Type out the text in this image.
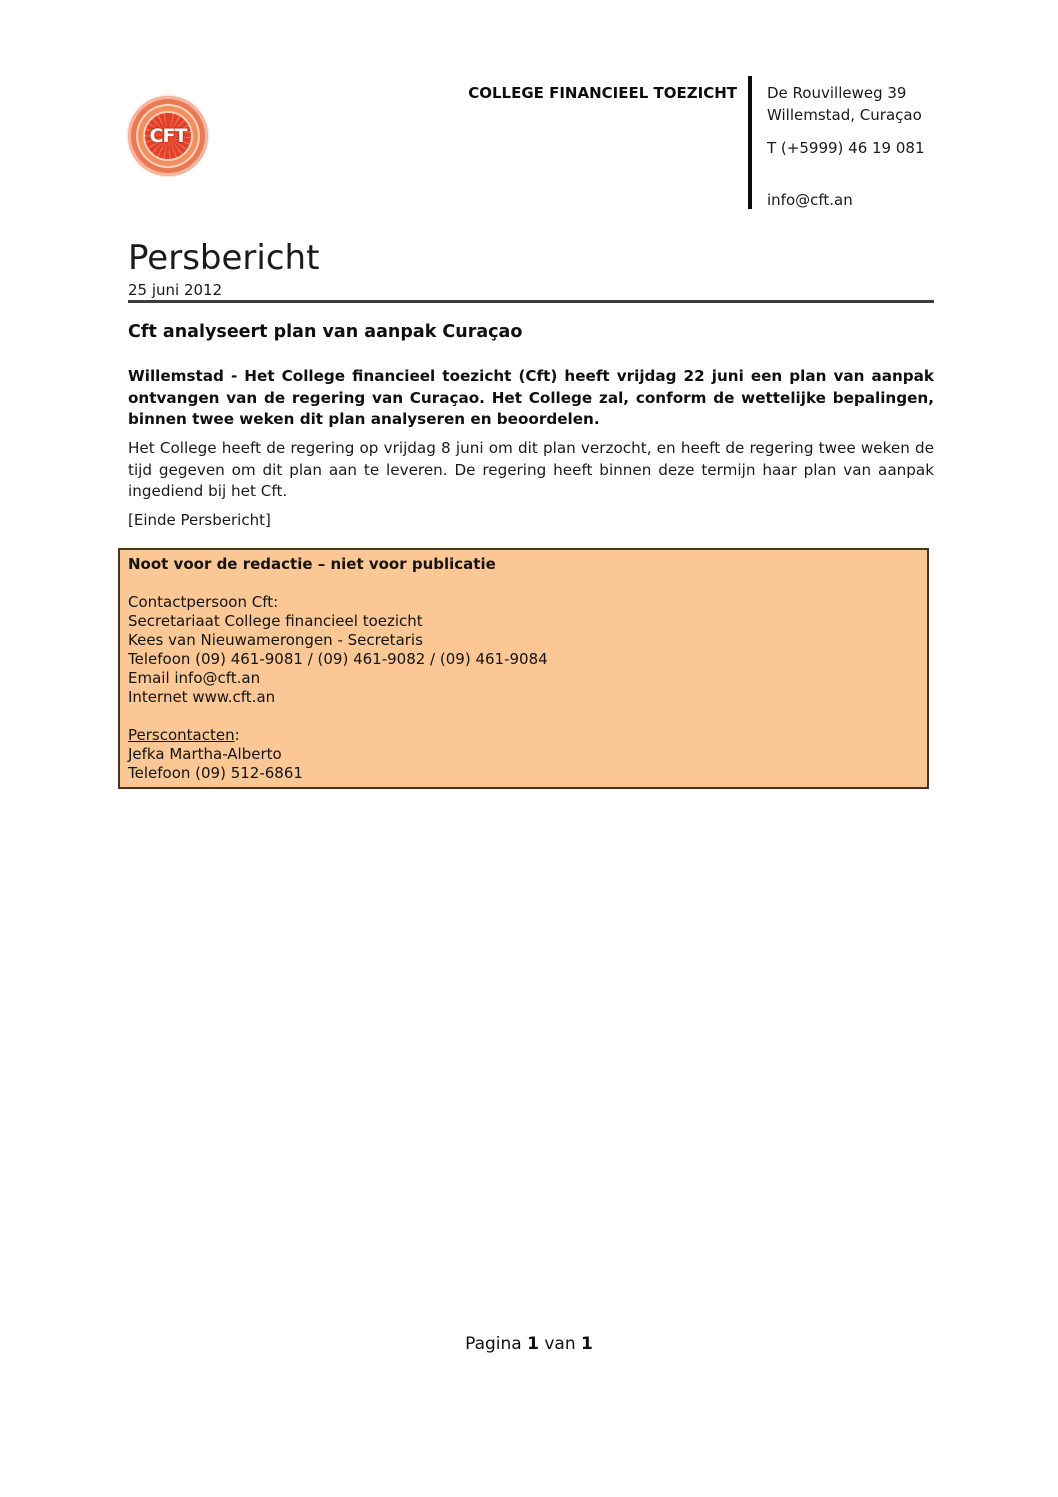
CFT
COLLEGE FINANCIEEL TOEZICHT De Rouvilleweg 39
Willemstad, Curaçao
T (+5999) 46 19 081
info@cft.an
Persbericht
25 juni 2012
Cft analyseert plan van aanpak Curaçao
Willemstad - Het College financieel toezicht (Cft) heeft vrijdag 22 juni een plan van aanpak ontvangen van de regering van Curaçao. Het College zal, conform de wettelijke bepalingen, binnen twee weken dit plan analyseren en beoordelen.
Het College heeft de regering op vrijdag 8 juni om dit plan verzocht, en heeft de regering twee weken de tijd gegeven om dit plan aan te leveren. De regering heeft binnen deze termijn haar plan van aanpak ingediend bij het Cft.
[Einde Persbericht]
Noot voor de redactie – niet voor publicatie
Contactpersoon Cft:
Secretariaat College financieel toezicht
Kees van Nieuwamerongen - Secretaris
Telefoon (09) 461-9081 / (09) 461-9082 / (09) 461-9084
Email info@cft.an
Internet www.cft.an
Perscontacten:
Jefka Martha-Alberto
Telefoon (09) 512-6861
Pagina 1 van 1
